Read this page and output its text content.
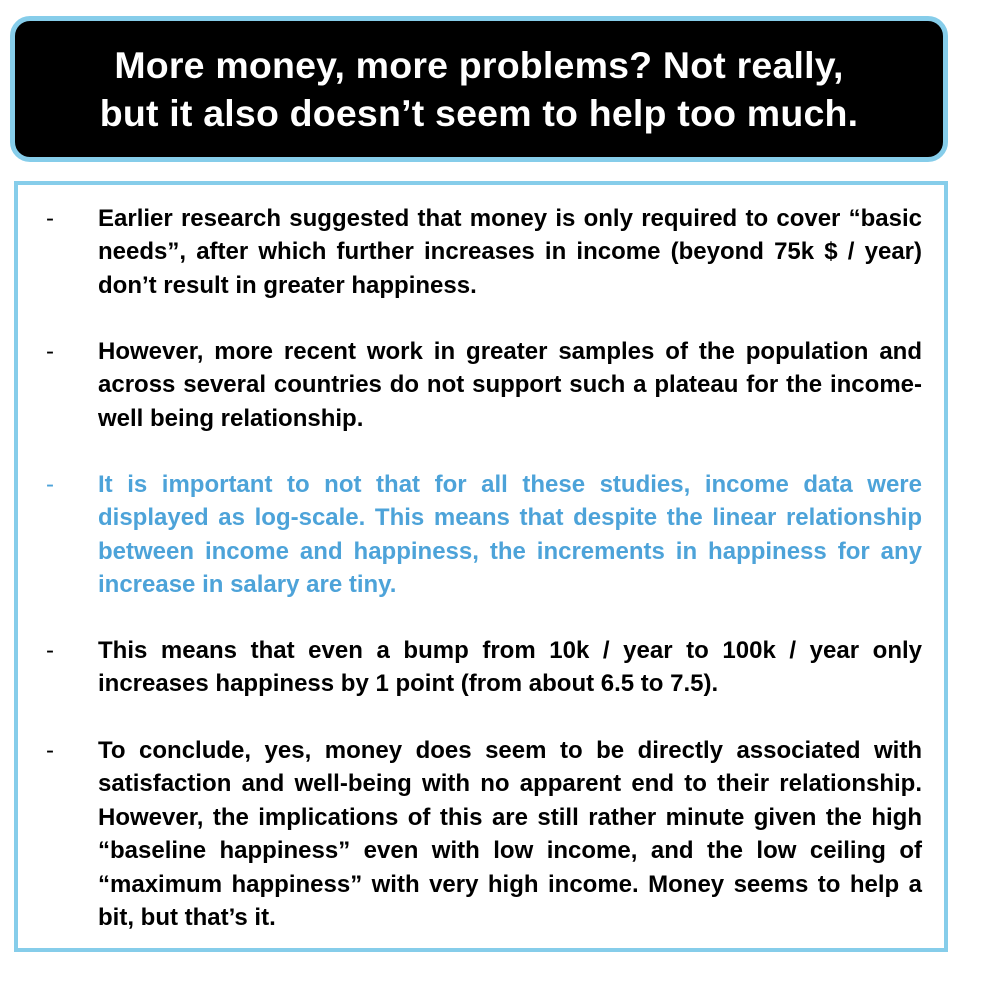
More money, more problems? Not really,
but it also doesn’t seem to help too much.
-	Earlier research suggested that money is only required to cover “basic needs”, after which further increases in income (beyond 75k $ / year) don’t result in greater happiness.
-	However, more recent work in greater samples of the population and across several countries do not support such a plateau for the income-well being relationship.
-	It is important to not that for all these studies, income data were displayed as log-scale. This means that despite the linear relationship between income and happiness, the increments in happiness for any increase in salary are tiny.
-	This means that even a bump from 10k / year to 100k / year only increases happiness by 1 point (from about 6.5 to 7.5).
-	To conclude, yes, money does seem to be directly associated with satisfaction and well-being with no apparent end to their relationship. However, the implications of this are still rather minute given the high “baseline happiness” even with low income, and the low ceiling of “maximum happiness” with very high income. Money seems to help a bit, but that’s it.
